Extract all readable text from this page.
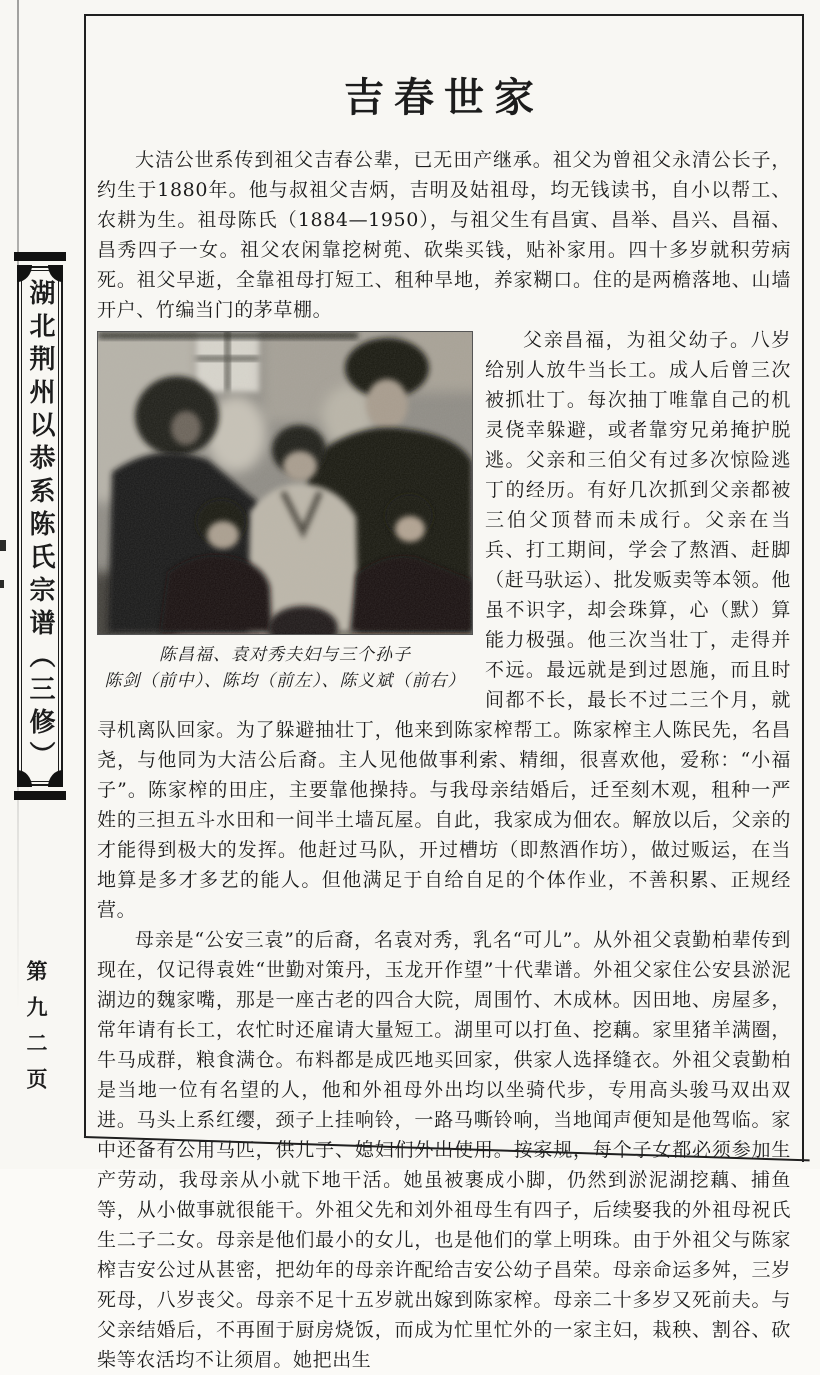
湖北荆州以恭系陈氏宗谱（三修）
第九二页
吉春世家

大洁公世系传到祖父吉春公辈，已无田产继承。祖父为曾祖父永清公长子，约生于1880年。他与叔祖父吉炳，吉明及姑祖母，均无钱读书，自小以帮工、农耕为生。祖母陈氏（1884—1950），与祖父生有昌寅、昌举、昌兴、昌福、昌秀四子一女。祖父农闲靠挖树蔸、砍柴买钱，贴补家用。四十多岁就积劳病死。祖父早逝，全靠祖母打短工、租种旱地，养家糊口。住的是两檐落地、山墙开户、竹编当门的茅草棚。

陈昌福、袁对秀夫妇与三个孙子
陈剑（前中）、陈均（前左）、陈义斌（前右）

父亲昌福，为祖父幼子。八岁给别人放牛当长工。成人后曾三次被抓壮丁。每次抽丁唯靠自己的机灵侥幸躲避，或者靠穷兄弟掩护脱逃。父亲和三伯父有过多次惊险逃丁的经历。有好几次抓到父亲都被三伯父顶替而未成行。父亲在当兵、打工期间，学会了熬酒、赶脚（赶马驮运）、批发贩卖等本领。他虽不识字，却会珠算，心（默）算能力极强。他三次当壮丁，走得并不远。最远就是到过恩施，而且时间都不长，最长不过二三个月，就寻机离队回家。为了躲避抽壮丁，他来到陈家榨帮工。陈家榨主人陈民先，名昌尧，与他同为大洁公后裔。主人见他做事利索、精细，很喜欢他，爱称：“小福子”。陈家榨的田庄，主要靠他操持。与我母亲结婚后，迁至刻木观，租种一严姓的三担五斗水田和一间半土墙瓦屋。自此，我家成为佃农。解放以后，父亲的才能得到极大的发挥。他赶过马队，开过槽坊（即熬酒作坊），做过贩运，在当地算是多才多艺的能人。但他满足于自给自足的个体作业，不善积累、正规经营。

母亲是“公安三袁”的后裔，名袁对秀，乳名“可儿”。从外祖父袁勤柏辈传到现在，仅记得袁姓“世勤对策丹，玉龙开作望”十代辈谱。外祖父家住公安县淤泥湖边的魏家嘴，那是一座古老的四合大院，周围竹、木成林。因田地、房屋多，常年请有长工，农忙时还雇请大量短工。湖里可以打鱼、挖藕。家里猪羊满圈，牛马成群，粮食满仓。布料都是成匹地买回家，供家人选择缝衣。外祖父袁勤柏是当地一位有名望的人，他和外祖母外出均以坐骑代步，专用高头骏马双出双进。马头上系红缨，颈子上挂响铃，一路马嘶铃响，当地闻声便知是他驾临。家中还备有公用马匹，供儿子、媳妇们外出使用。按家规，每个子女都必须参加生产劳动，我母亲从小就下地干活。她虽被裹成小脚，仍然到淤泥湖挖藕、捕鱼等，从小做事就很能干。外祖父先和刘外祖母生有四子，后续娶我的外祖母祝氏生二子二女。母亲是他们最小的女儿，也是他们的掌上明珠。由于外祖父与陈家榨吉安公过从甚密，把幼年的母亲许配给吉安公幼子昌荣。母亲命运多舛，三岁死母，八岁丧父。母亲不足十五岁就出嫁到陈家榨。母亲二十多岁又死前夫。与父亲结婚后，不再囿于厨房烧饭，而成为忙里忙外的一家主妇，栽秧、割谷、砍柴等农活均不让须眉。她把出生
